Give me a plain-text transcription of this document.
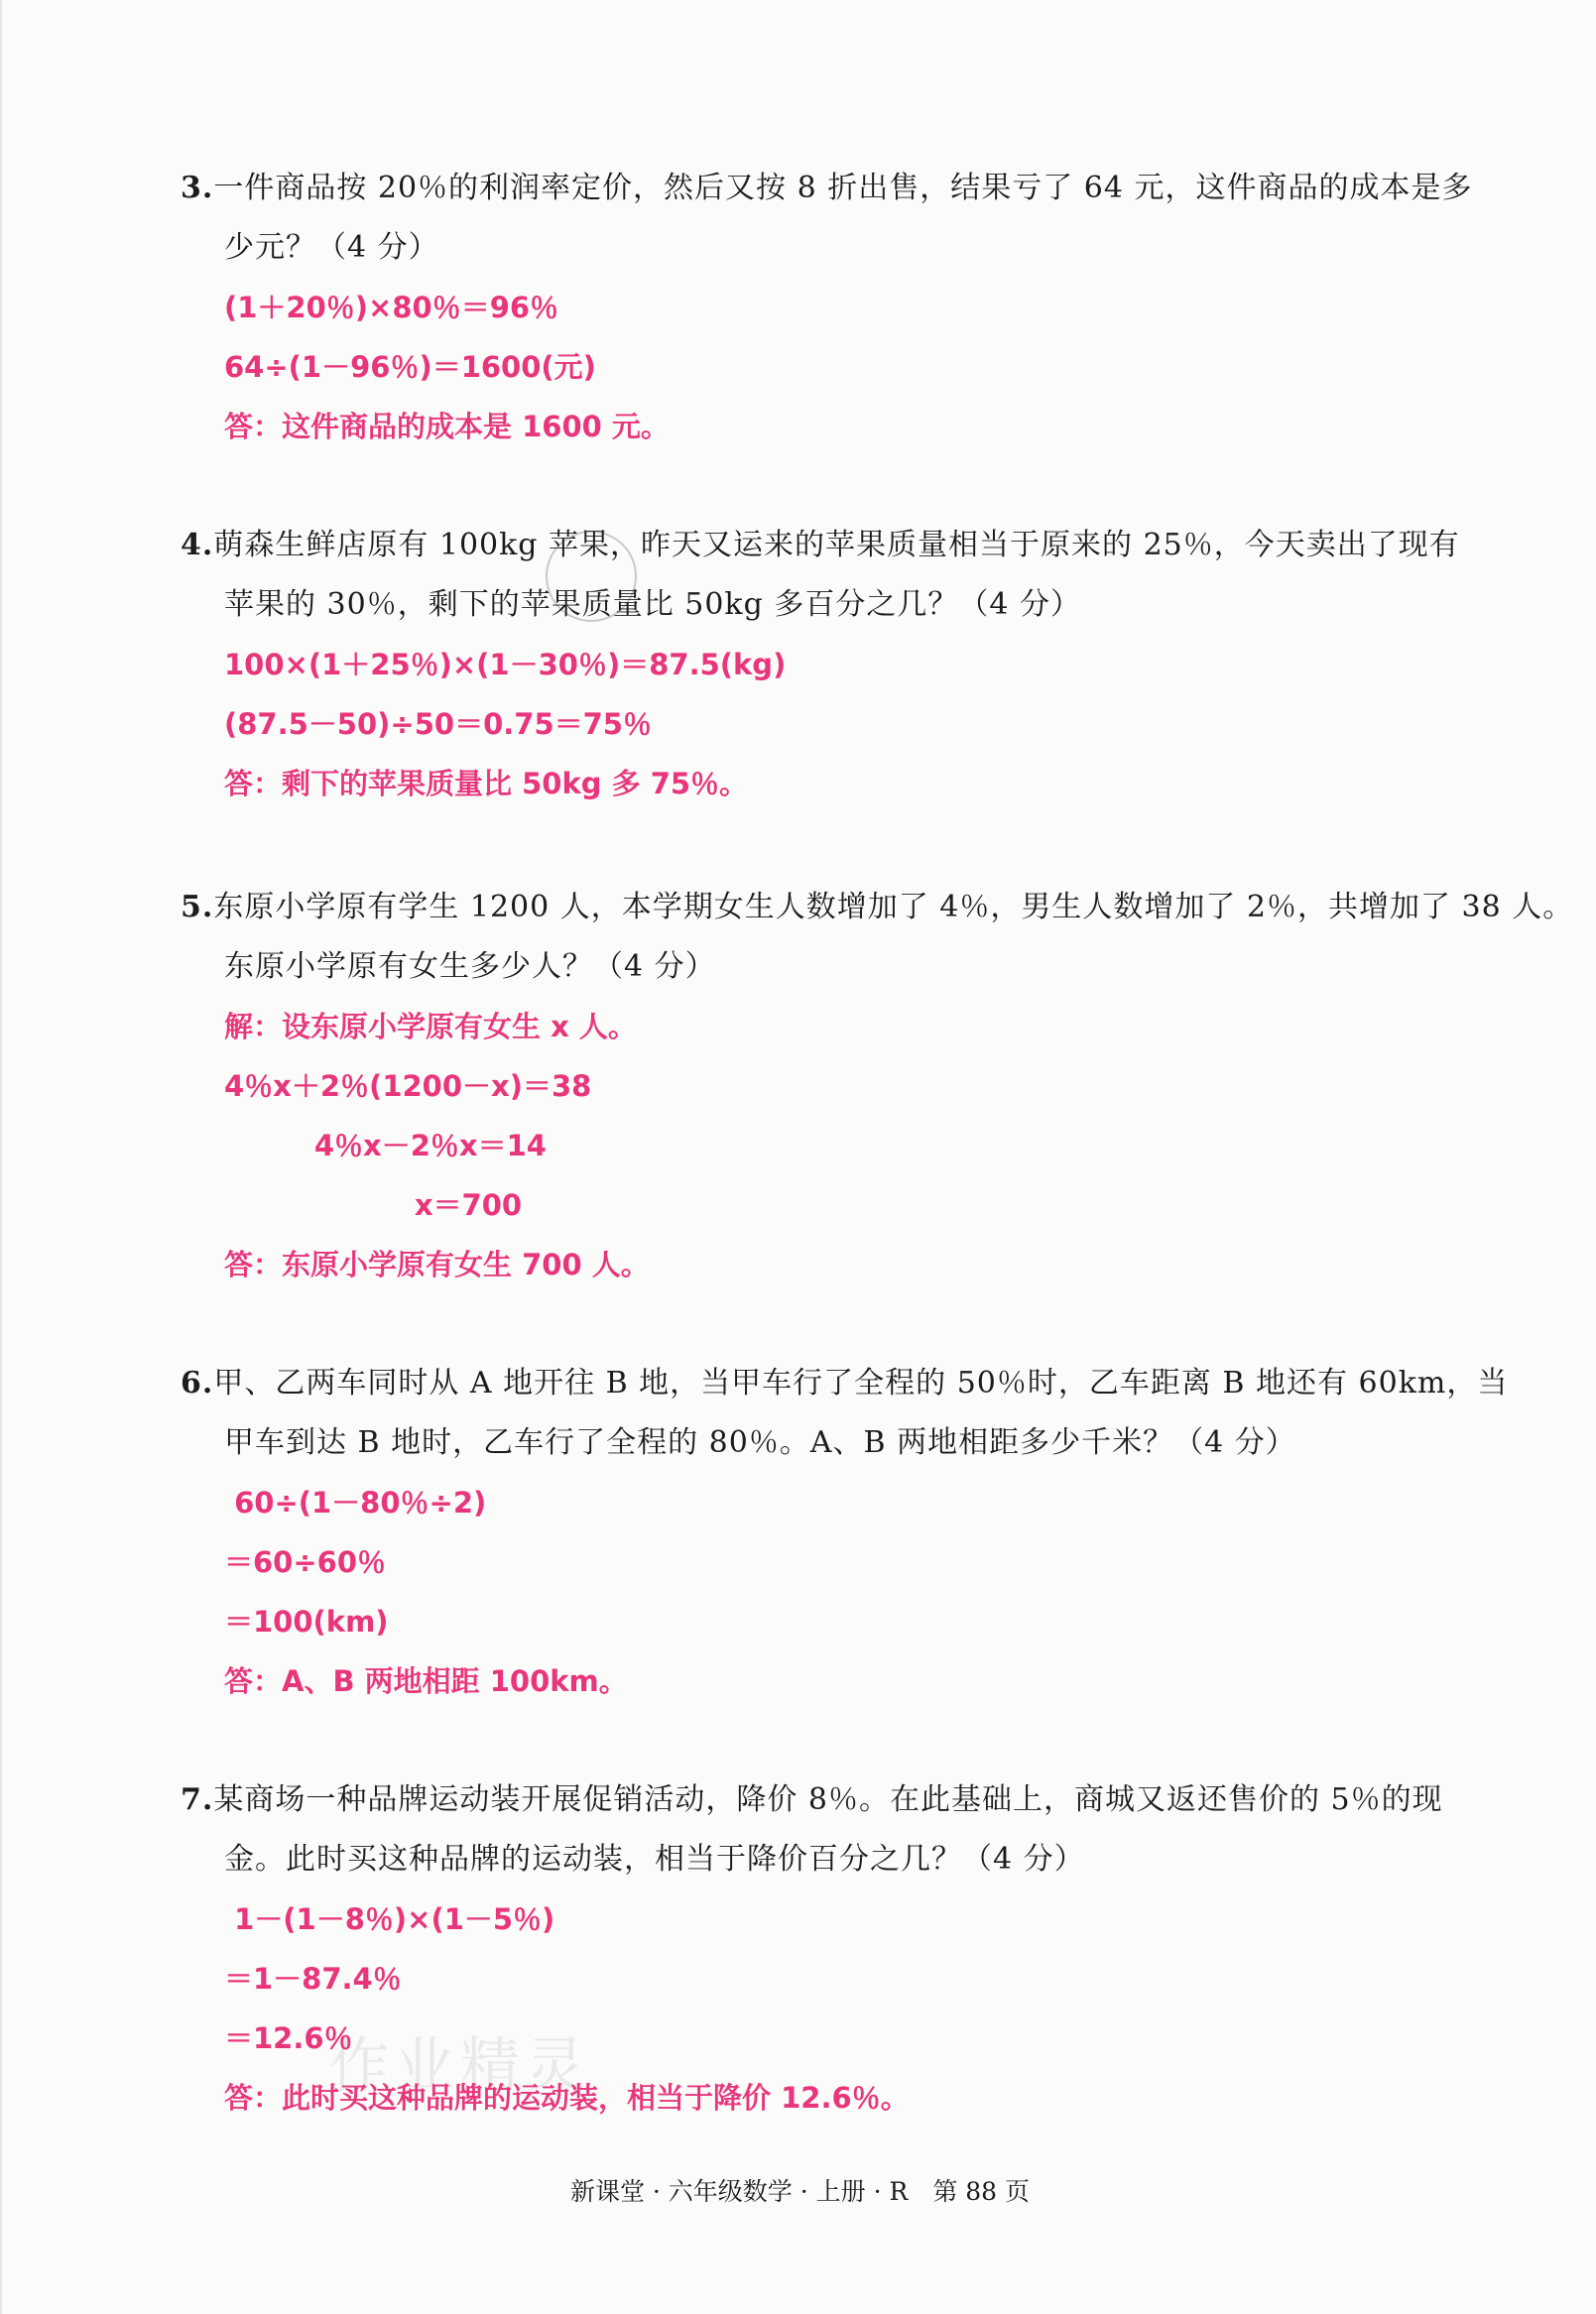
作业精灵
3.一件商品按 20％的利润率定价，然后又按 8 折出售，结果亏了 64 元，这件商品的成本是多
少元？（4 分）
(1＋20％)×80％＝96％
64÷(1－96％)＝1600(元)
答：这件商品的成本是 1600 元。
4.萌森生鲜店原有 100kg 苹果，昨天又运来的苹果质量相当于原来的 25％，今天卖出了现有
苹果的 30％，剩下的苹果质量比 50kg 多百分之几？（4 分）
100×(1＋25％)×(1－30％)＝87.5(kg)
(87.5－50)÷50＝0.75＝75％
答：剩下的苹果质量比 50kg 多 75％。
5.东原小学原有学生 1200 人，本学期女生人数增加了 4％，男生人数增加了 2％，共增加了 38 人。
东原小学原有女生多少人？（4 分）
解：设东原小学原有女生 x 人。
4％x＋2％(1200－x)＝38
4％x－2％x＝14
x＝700
答：东原小学原有女生 700 人。
6.甲、乙两车同时从 A 地开往 B 地，当甲车行了全程的 50％时，乙车距离 B 地还有 60km，当
甲车到达 B 地时，乙车行了全程的 80％。A、B 两地相距多少千米？（4 分）
60÷(1－80％÷2)
＝60÷60％
＝100(km)
答：A、B 两地相距 100km。
7.某商场一种品牌运动装开展促销活动，降价 8％。在此基础上，商城又返还售价的 5％的现
金。此时买这种品牌的运动装，相当于降价百分之几？（4 分）
1－(1－8％)×(1－5％)
＝1－87.4％
＝12.6％
答：此时买这种品牌的运动装，相当于降价 12.6％。
新课堂 · 六年级数学 · 上册 · R　第 88 页
